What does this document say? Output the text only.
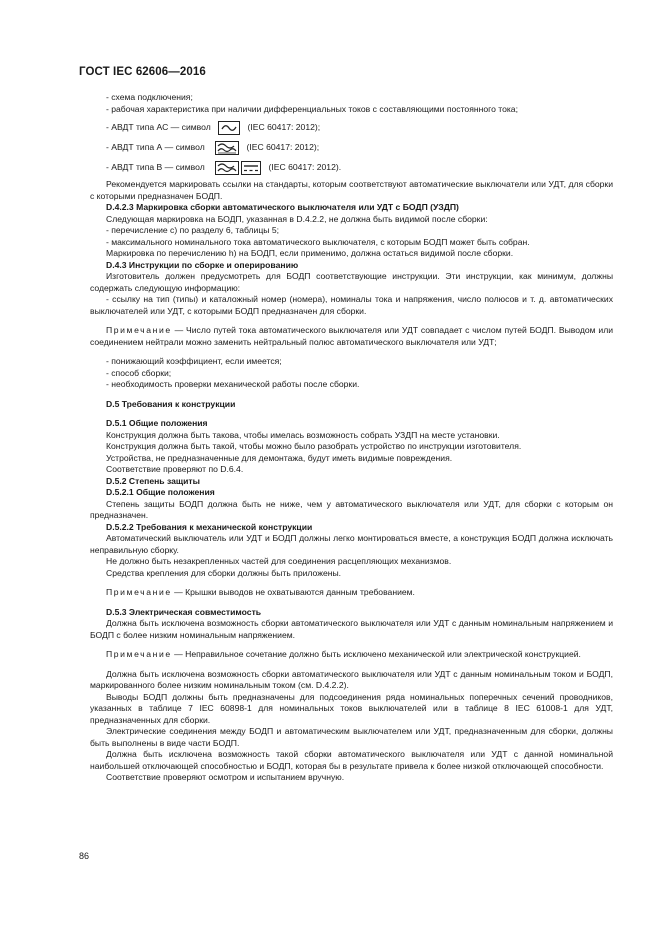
ГОСТ IEC 62606—2016
- схема подключения;
- рабочая характеристика при наличии дифференциальных токов с составляющими постоянного тока;
- АВДТ типа АС — символ	(IEC 60417: 2012);
- АВДТ типа А — символ	(IEC 60417: 2012);
- АВДТ типа В — символ	(IEC 60417: 2012).
Рекомендуется маркировать ссылки на стандарты, которым соответствуют автоматические выключатели или УДТ, для сборки с которыми предназначен БОДП.
D.4.2.3 Маркировка сборки автоматического выключателя или УДТ с БОДП (УЗДП)
Следующая маркировка на БОДП, указанная в D.4.2.2, не должна быть видимой после сборки:
- перечисление с) по разделу 6, таблицы 5;
- максимального номинального тока автоматического выключателя, с которым БОДП может быть собран.
Маркировка по перечислению h) на БОДП, если применимо, должна остаться видимой после сборки.
D.4.3 Инструкции по сборке и оперированию
Изготовитель должен предусмотреть для БОДП соответствующие инструкции. Эти инструкции, как минимум, должны содержать следующую информацию:
- ссылку на тип (типы) и каталожный номер (номера), номиналы тока и напряжения, число полюсов и т. д. автоматических выключателей или УДТ, с которыми БОДП предназначен для сборки.
Примечание — Число путей тока автоматического выключателя или УДТ совпадает с числом путей БОДП. Выводом или соединением нейтрали можно заменить нейтральный полюс автоматического выключателя или УДТ;
- понижающий коэффициент, если имеется;
- способ сборки;
- необходимость проверки механической работы после сборки.
D.5 Требования к конструкции
D.5.1 Общие положения
Конструкция должна быть такова, чтобы имелась возможность собрать УЗДП на месте установки.
Конструкция должна быть такой, чтобы можно было разобрать устройство по инструкции изготовителя.
Устройства, не предназначенные для демонтажа, будут иметь видимые повреждения.
Соответствие проверяют по D.6.4.
D.5.2 Степень защиты
D.5.2.1 Общие положения
Степень защиты БОДП должна быть не ниже, чем у автоматического выключателя или УДТ, для сборки с которым он предназначен.
D.5.2.2 Требования к механической конструкции
Автоматический выключатель или УДТ и БОДП должны легко монтироваться вместе, а конструкция БОДП должна исключать неправильную сборку.
Не должно быть незакрепленных частей для соединения расцепляющих механизмов.
Средства крепления для сборки должны быть приложены.
Примечание — Крышки выводов не охватываются данным требованием.
D.5.3 Электрическая совместимость
Должна быть исключена возможность сборки автоматического выключателя или УДТ с данным номинальным напряжением и БОДП с более низким номинальным напряжением.
Примечание — Неправильное сочетание должно быть исключено механической или электрической конструкцией.
Должна быть исключена возможность сборки автоматического выключателя или УДТ с данным номинальным током и БОДП, маркированного более низким номинальным током (см. D.4.2.2).
Выводы БОДП должны быть предназначены для подсоединения ряда номинальных поперечных сечений проводников, указанных в таблице 7 IEC 60898-1 для номинальных токов выключателей или в таблице 8 IEC 61008-1 для УДТ, предназначенных для сборки.
Электрические соединения между БОДП и автоматическим выключателем или УДТ, предназначенным для сборки, должны быть выполнены в виде части БОДП.
Должна быть исключена возможность такой сборки автоматического выключателя или УДТ с данной номинальной наибольшей отключающей способностью и БОДП, которая бы в результате привела к более низкой отключающей способности.
Соответствие проверяют осмотром и испытанием вручную.
86
